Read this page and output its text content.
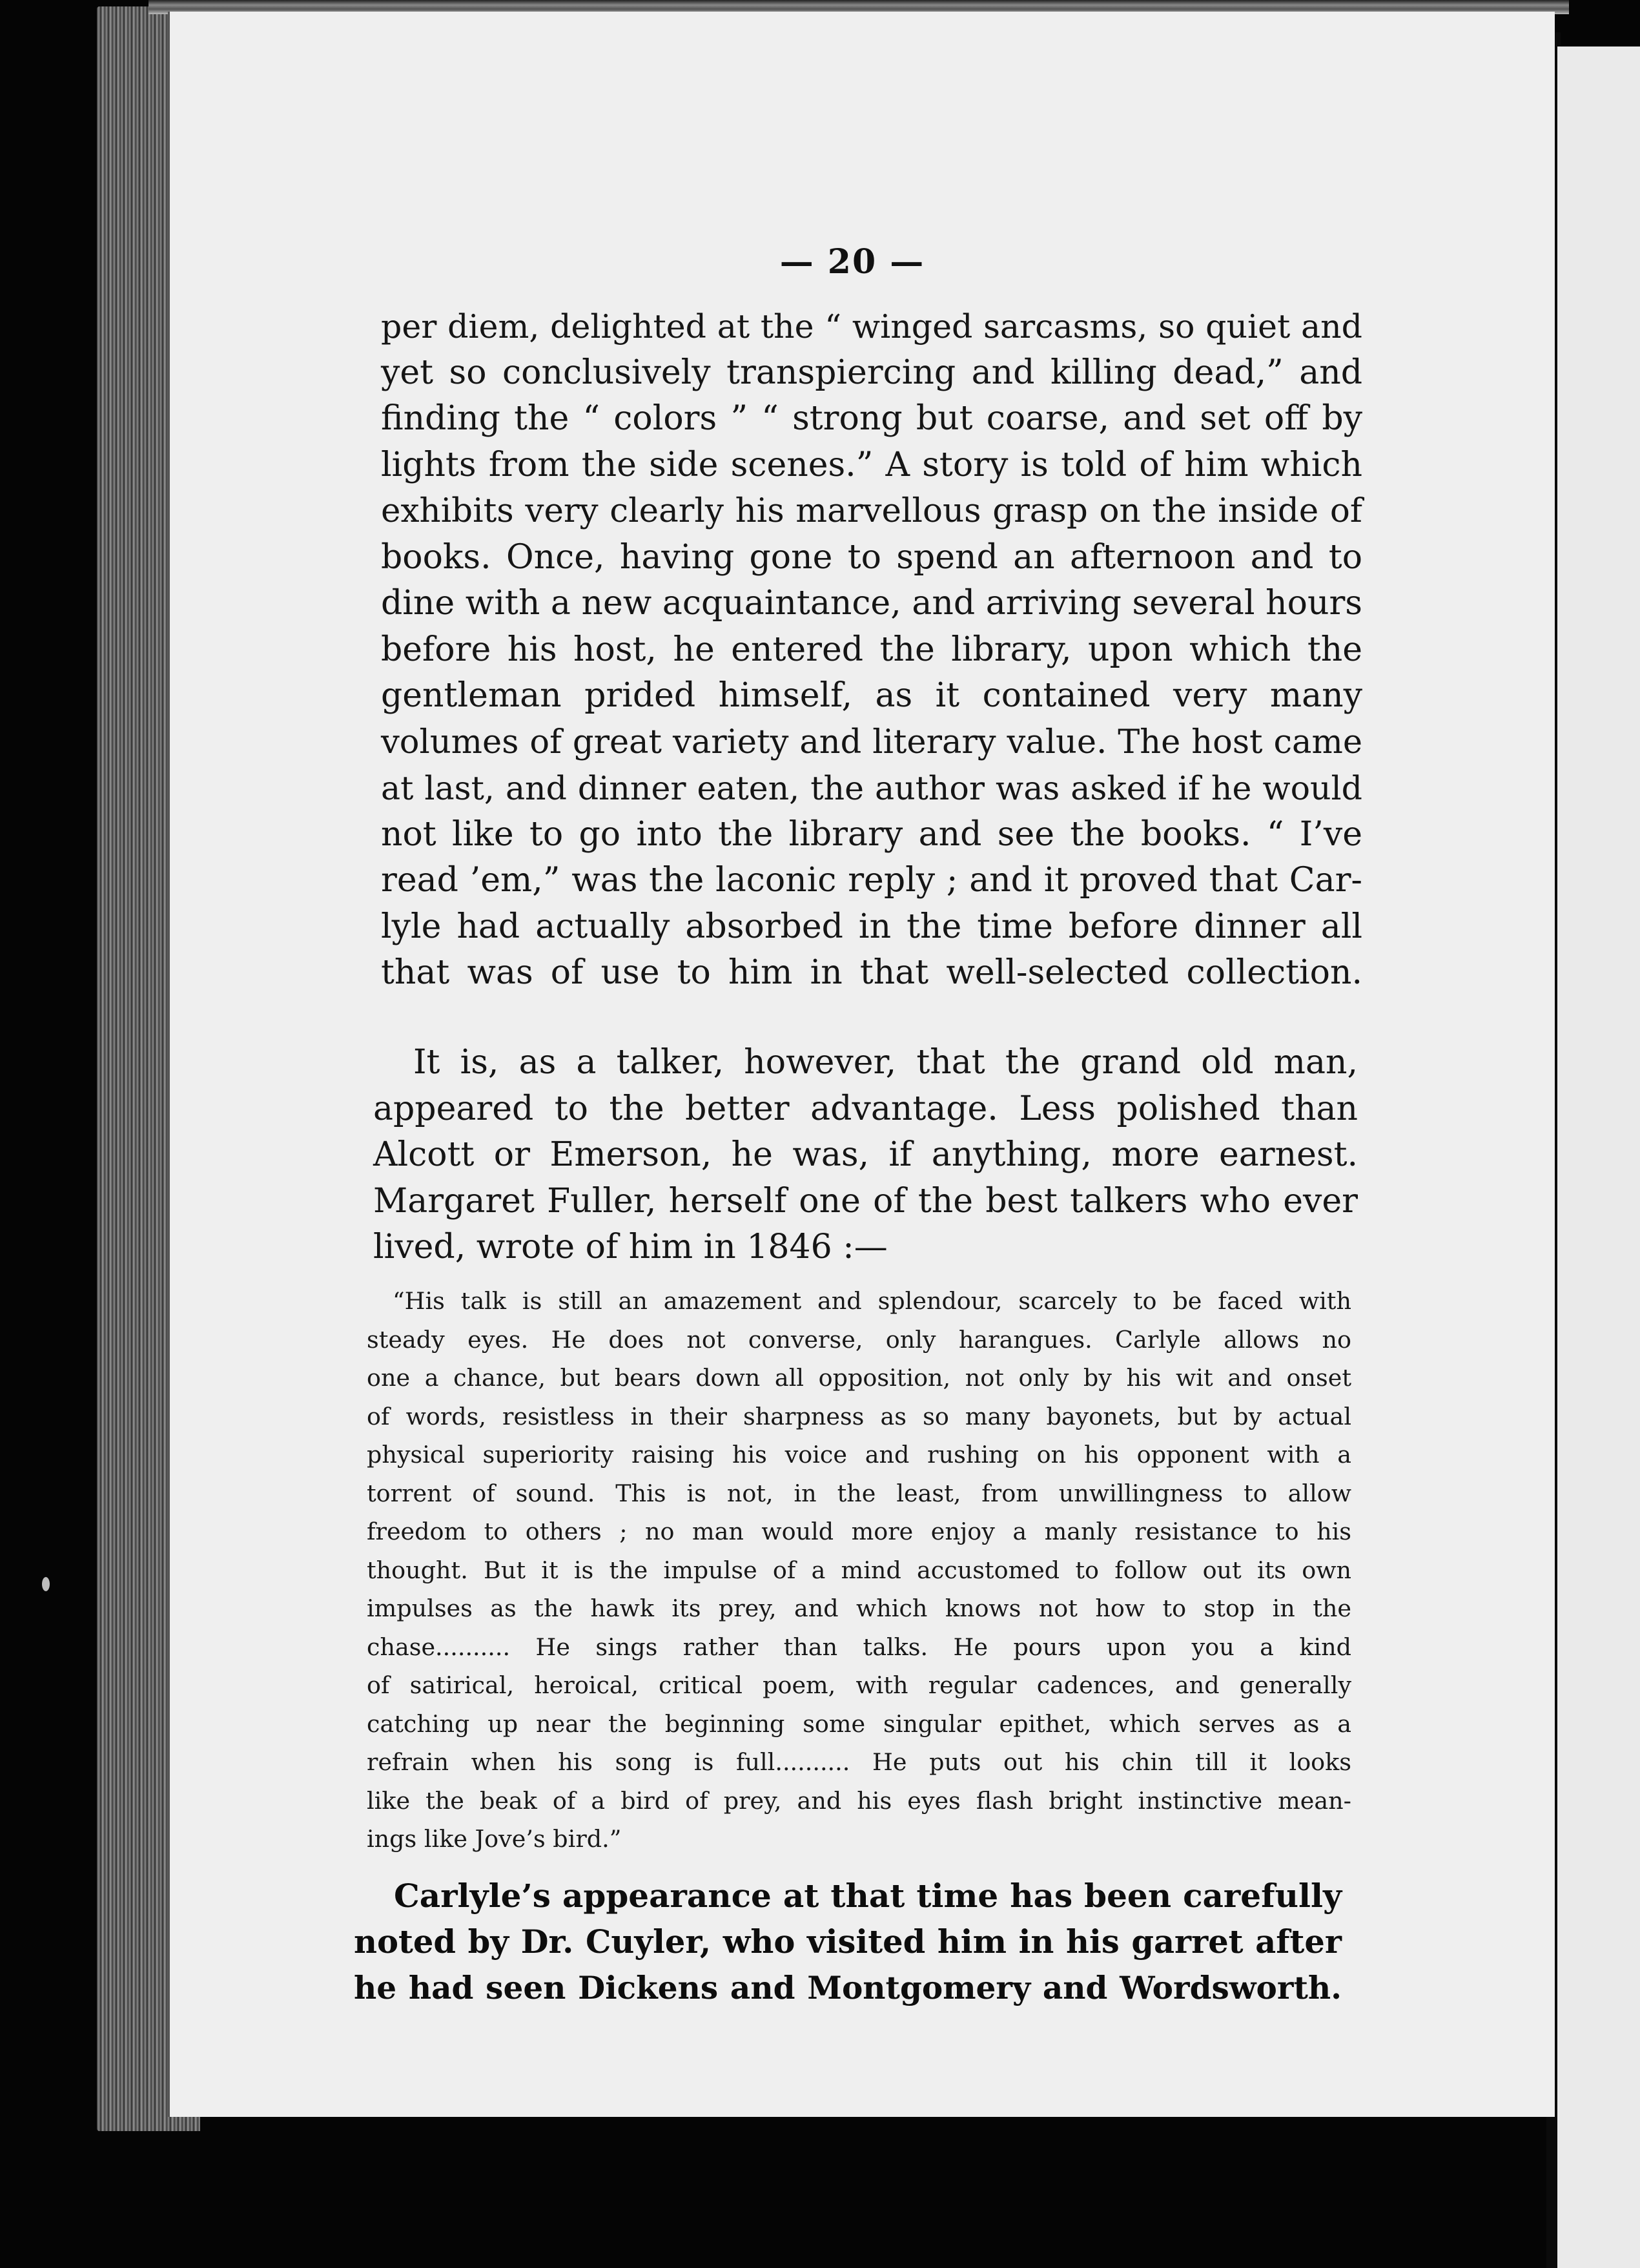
— 20 —

per diem, delighted at the “ winged sarcasms, so quiet and
yet so conclusively transpiercing and killing dead,” and
finding the “ colors ” “ strong but coarse, and set off by
lights from the side scenes.” A story is told of him which
exhibits very clearly his marvellous grasp on the inside of
books. Once, having gone to spend an afternoon and to
dine with a new acquaintance, and arriving several hours
before his host, he entered the library, upon which the
gentleman prided himself, as it contained very many
volumes of great variety and literary value. The host came
at last, and dinner eaten, the author was asked if he would
not like to go into the library and see the books. “ I’ve
read ’em,” was the laconic reply ; and it proved that Car-
lyle had actually absorbed in the time before dinner all
that was of use to him in that well-selected collection.

It is, as a talker, however, that the grand old man,
appeared to the better advantage. Less polished than
Alcott or Emerson, he was, if anything, more earnest.
Margaret Fuller, herself one of the best talkers who ever
lived, wrote of him in 1846 :—

“His talk is still an amazement and splendour, scarcely to be faced with
steady eyes. He does not converse, only harangues. Carlyle allows no
one a chance, but bears down all opposition, not only by his wit and onset
of words, resistless in their sharpness as so many bayonets, but by actual
physical superiority raising his voice and rushing on his opponent with a
torrent of sound. This is not, in the least, from unwillingness to allow
freedom to others ; no man would more enjoy a manly resistance to his
thought. But it is the impulse of a mind accustomed to follow out its own
impulses as the hawk its prey, and which knows not how to stop in the
chase.......... He sings rather than talks. He pours upon you a kind
of satirical, heroical, critical poem, with regular cadences, and generally
catching up near the beginning some singular epithet, which serves as a
refrain when his song is full.......... He puts out his chin till it looks
like the beak of a bird of prey, and his eyes flash bright instinctive mean-
ings like Jove’s bird.”

Carlyle’s appearance at that time has been carefully
noted by Dr. Cuyler, who visited him in his garret after
he had seen Dickens and Montgomery and Wordsworth.
